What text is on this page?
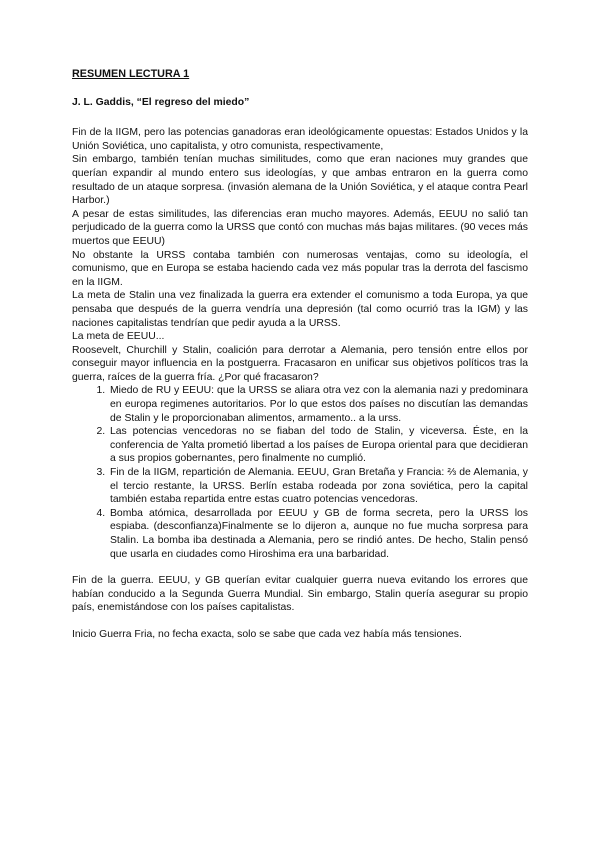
RESUMEN LECTURA 1
J. L. Gaddis, “El regreso del miedo”

Fin de la IIGM, pero las potencias ganadoras eran ideológicamente opuestas: Estados Unidos y la Unión Soviética, uno capitalista, y otro comunista, respectivamente,

Sin embargo, también tenían muchas similitudes, como que eran naciones muy grandes que querían expandir al mundo entero sus ideologías, y que ambas entraron en la guerra como resultado de un ataque sorpresa. (invasión alemana de la Unión Soviética, y el ataque contra Pearl Harbor.)

A pesar de estas similitudes, las diferencias eran mucho mayores. Además, EEUU no salió tan perjudicado de la guerra como la URSS que contó con muchas más bajas militares. (90 veces más muertos que EEUU)

No obstante la URSS contaba también con numerosas ventajas, como su ideología, el comunismo, que en Europa se estaba haciendo cada vez más popular tras la derrota del fascismo en la IIGM.

La meta de Stalin una vez finalizada la guerra era extender el comunismo a toda Europa, ya que pensaba que después de la guerra vendría una depresión (tal como ocurrió tras la IGM) y las naciones capitalistas tendrían que pedir ayuda a la URSS.

La meta de EEUU...

Roosevelt, Churchill y Stalin, coalición para derrotar a Alemania, pero tensión entre ellos por conseguir mayor influencia en la postguerra. Fracasaron en unificar sus objetivos políticos tras la guerra, raíces de la guerra fría. ¿Por qué fracasaron?

1. Miedo de RU y EEUU: que la URSS se aliara otra vez con la alemania nazi y predominara en europa regimenes autoritarios. Por lo que estos dos países no discutían las demandas de Stalin y le proporcionaban alimentos, armamento.. a la urss.
2. Las potencias vencedoras no se fiaban del todo de Stalin, y viceversa. Éste, en la conferencia de Yalta prometió libertad a los países de Europa oriental para que decidieran a sus propios gobernantes, pero finalmente no cumplió.
3. Fin de la IIGM, repartición de Alemania. EEUU, Gran Bretaña y Francia: ⅔ de Alemania, y el tercio restante, la URSS. Berlín estaba rodeada por zona soviética, pero la capital también estaba repartida entre estas cuatro potencias vencedoras.
4. Bomba atómica, desarrollada por EEUU y GB de forma secreta, pero la URSS los espiaba. (desconfianza)Finalmente se lo dijeron a, aunque no fue mucha sorpresa para Stalin. La bomba iba destinada a Alemania, pero se rindió antes. De hecho, Stalin pensó que usarla en ciudades como Hiroshima era una barbaridad.

Fin de la guerra. EEUU, y GB querían evitar cualquier guerra nueva evitando los errores que habían conducido a la Segunda Guerra Mundial. Sin embargo, Stalin quería asegurar su propio país, enemistándose con los países capitalistas.

Inicio Guerra Fria, no fecha exacta, solo se sabe que cada vez había más tensiones.
